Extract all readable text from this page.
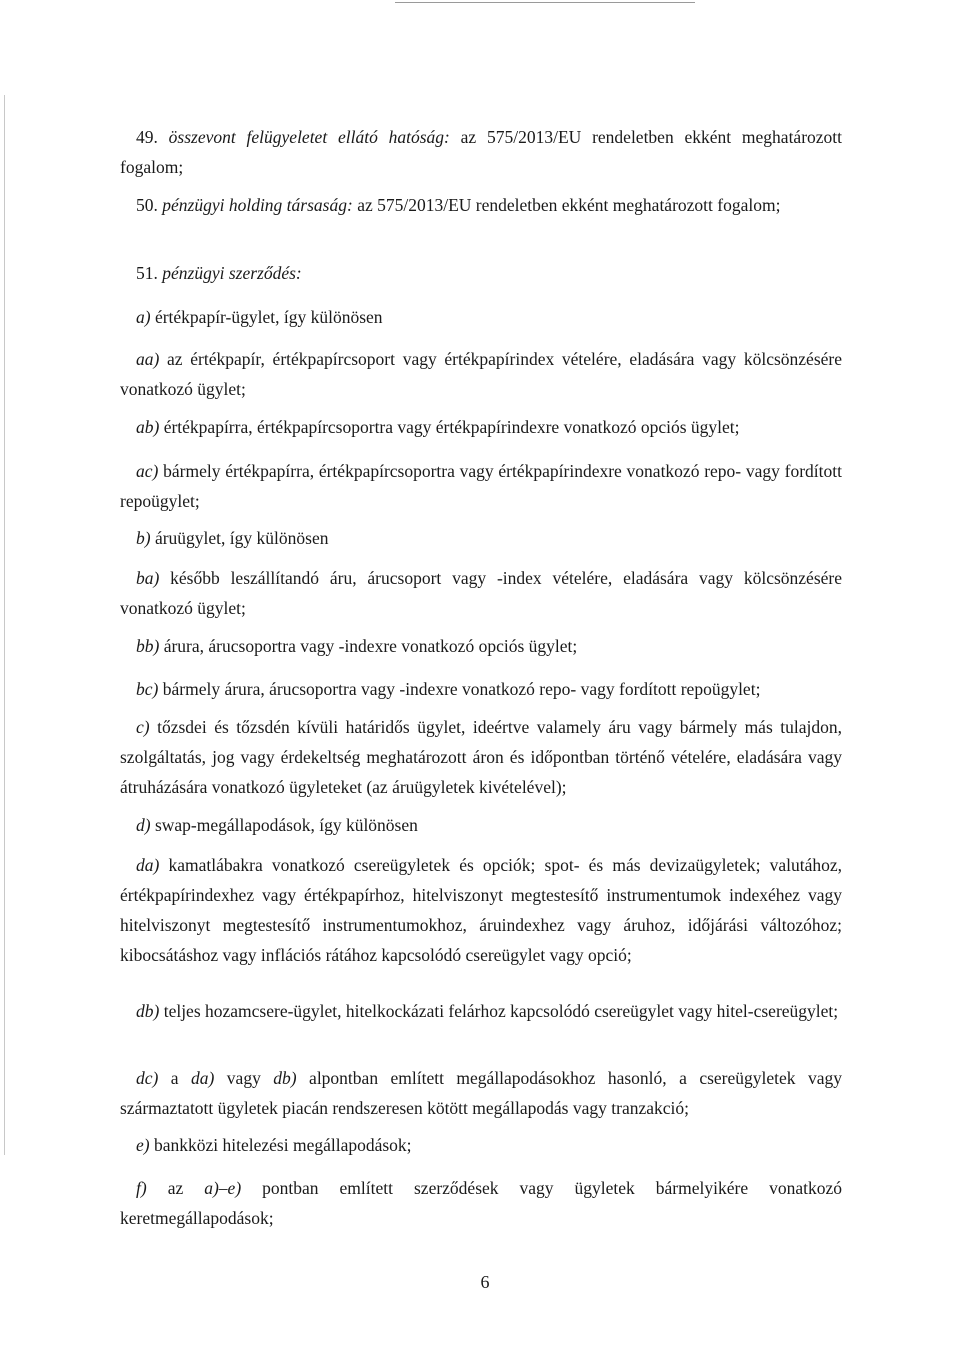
49. összevont felügyeletet ellátó hatóság: az 575/2013/EU rendeletben ekként meghatározott fogalom;
50. pénzügyi holding társaság: az 575/2013/EU rendeletben ekként meghatározott fogalom;
51. pénzügyi szerződés:
a) értékpapír-ügylet, így különösen
aa) az értékpapír, értékpapírcsoport vagy értékpapírindex vételére, eladására vagy kölcsönzésére vonatkozó ügylet;
ab) értékpapírra, értékpapírcsoportra vagy értékpapírindexre vonatkozó opciós ügylet;
ac) bármely értékpapírra, értékpapírcsoportra vagy értékpapírindexre vonatkozó repo- vagy fordított repoügylet;
b) áruügylet, így különösen
ba) később leszállítandó áru, árucsoport vagy -index vételére, eladására vagy kölcsönzésére vonatkozó ügylet;
bb) árura, árucsoportra vagy -indexre vonatkozó opciós ügylet;
bc) bármely árura, árucsoportra vagy -indexre vonatkozó repo- vagy fordított repoügylet;
c) tőzsdei és tőzsdén kívüli határidős ügylet, ideértve valamely áru vagy bármely más tulajdon, szolgáltatás, jog vagy érdekeltség meghatározott áron és időpontban történő vételére, eladására vagy átruházására vonatkozó ügyleteket (az áruügyletek kivételével);
d) swap-megállapodások, így különösen
da) kamatlábakra vonatkozó csereügyletek és opciók; spot- és más devizaügyletek; valutához, értékpapírindexhez vagy értékpapírhoz, hitelviszonyt megtestesítő instrumentumok indexéhez vagy hitelviszonyt megtestesítő instrumentumokhoz, áruindexhez vagy áruhoz, időjárási változóhoz; kibocsátáshoz vagy inflációs rátához kapcsolódó csereügylet vagy opció;
db) teljes hozamcsere-ügylet, hitelkockázati felárhoz kapcsolódó csereügylet vagy hitel-csereügylet;
dc) a da) vagy db) alpontban említett megállapodásokhoz hasonló, a csereügyletek vagy származtatott ügyletek piacán rendszeresen kötött megállapodás vagy tranzakció;
e) bankközi hitelezési megállapodások;
f) az a)–e) pontban említett szerződések vagy ügyletek bármelyikére vonatkozó keretmegállapodások;
6
